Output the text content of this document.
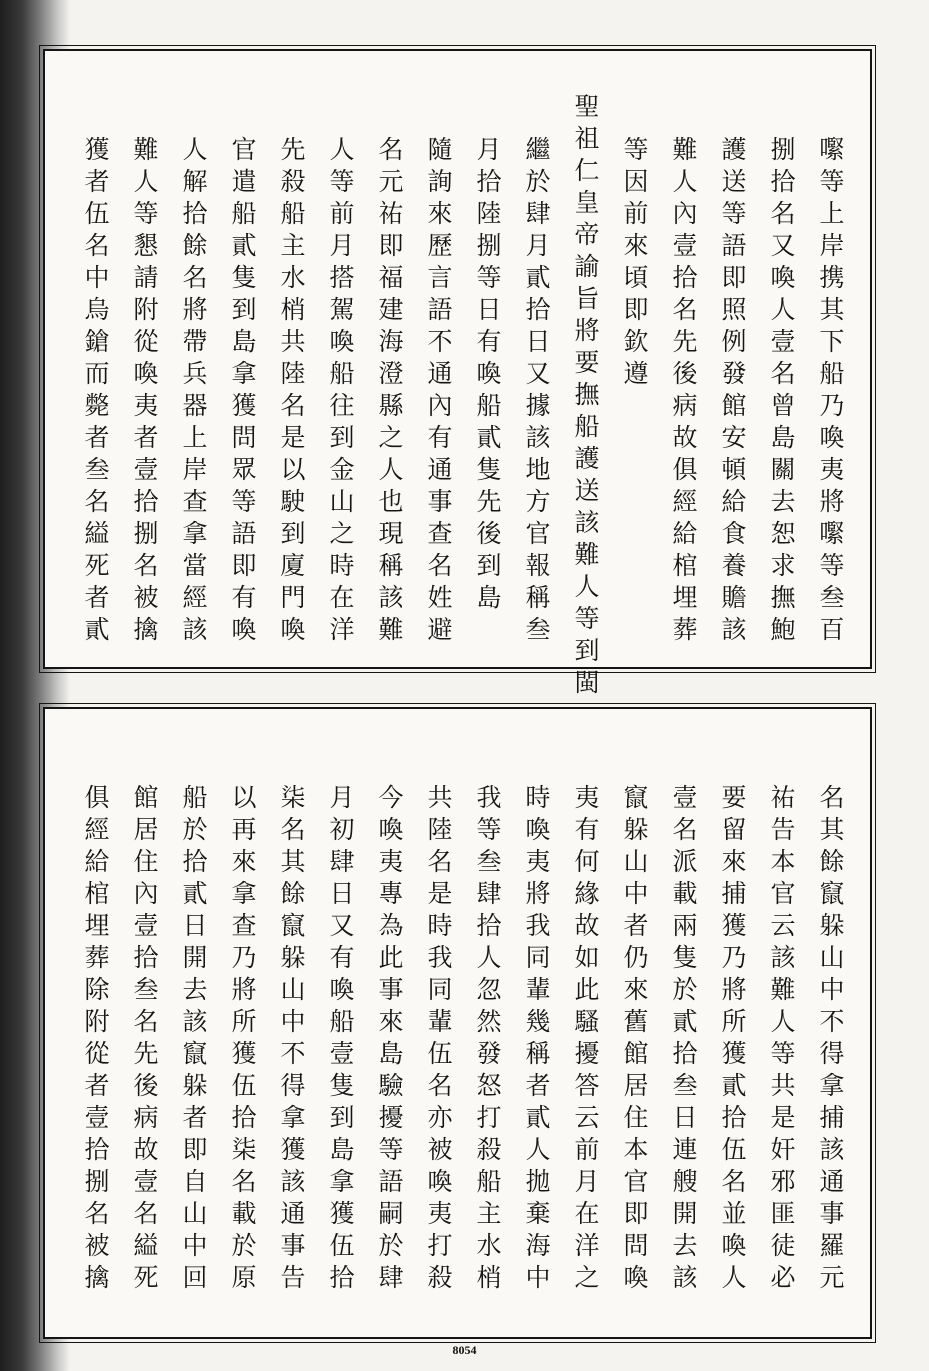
𡁵等上岸携其下船乃喚夷將𡁵等叁百
捌拾名又喚人壹名曾島關去恕求撫鮑
護送等語即照例發館安頓給食養贍該
難人內壹拾名先後病故俱經給棺埋葬
等因前來頃即欽遵
聖祖仁皇帝諭旨將要撫船護送該難人等到閩
繼於肆月貳拾日又據該地方官報稱叁
月拾陸捌等日有喚船貳隻先後到島
隨詢來歷言語不通內有通事查名姓避
名元祐即福建海澄縣之人也現稱該難
人等前月搭駕喚船往到金山之時在洋
先殺船主水梢共陸名是以駛到廈門喚
官遣船貳隻到島拿獲問眾等語即有喚
人解拾餘名將帶兵器上岸查拿當經該
難人等懇請附從喚夷者壹拾捌名被擒
獲者伍名中烏鎗而斃者叁名縊死者貳
名其餘竄躲山中不得拿捕該通事羅元
祐告本官云該難人等共是奸邪匪徒必
要留來捕獲乃將所獲貳拾伍名並喚人
壹名派載兩隻於貳拾叁日連艘開去該
竄躲山中者仍來舊館居住本官即問喚
夷有何緣故如此騷擾答云前月在洋之
時喚夷將我同輩幾稱者貳人拋棄海中
我等叁肆拾人忽然發怒打殺船主水梢
共陸名是時我同輩伍名亦被喚夷打殺
今喚夷專為此事來島驗擾等語嗣於肆
月初肆日又有喚船壹隻到島拿獲伍拾
柒名其餘竄躲山中不得拿獲該通事告
以再來拿查乃將所獲伍拾柒名載於原
船於拾貳日開去該竄躲者即自山中回
館居住內壹拾叁名先後病故壹名縊死
俱經給棺埋葬除附從者壹拾捌名被擒
8054
